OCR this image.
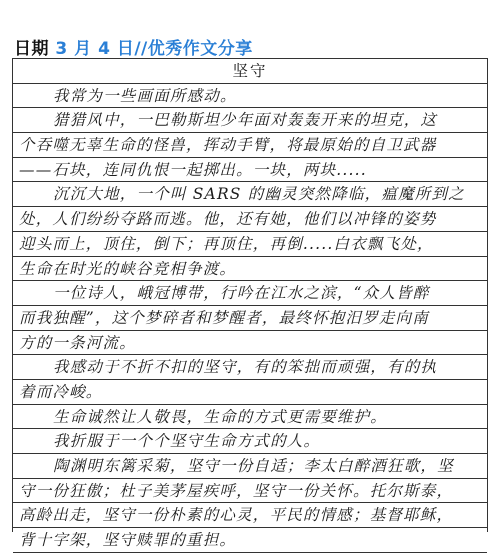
日期 3 月 4 日//优秀作文分享
坚守
我常为一些画面所感动。
猎猎风中，一巴勒斯坦少年面对轰轰开来的坦克，这
个吞噬无辜生命的怪兽，挥动手臂，将最原始的自卫武器
——石块，连同仇恨一起掷出。一块，两块.....
沉沉大地，一个叫 SARS 的幽灵突然降临，瘟魔所到之
处，人们纷纷夺路而逃。他，还有她，他们以冲锋的姿势
迎头而上，顶住，倒下；再顶住，再倒.....白衣飘飞处，
生命在时光的峡谷竞相争渡。
一位诗人，峨冠博带，行吟在江水之滨，“众人皆醉
而我独醒”，这个梦碎者和梦醒者，最终怀抱汨罗走向南
方的一条河流。
我感动于不折不扣的坚守，有的笨拙而顽强，有的执
着而冷峻。
生命诚然让人敬畏，生命的方式更需要维护。
我折服于一个个坚守生命方式的人。
陶渊明东篱采菊，坚守一份自适；李太白醉酒狂歌，坚
守一份狂傲；杜子美茅屋疾呼，坚守一份关怀。托尔斯泰，
高龄出走，坚守一份朴素的心灵，平民的情感；基督耶稣，
背十字架，坚守赎罪的重担。
